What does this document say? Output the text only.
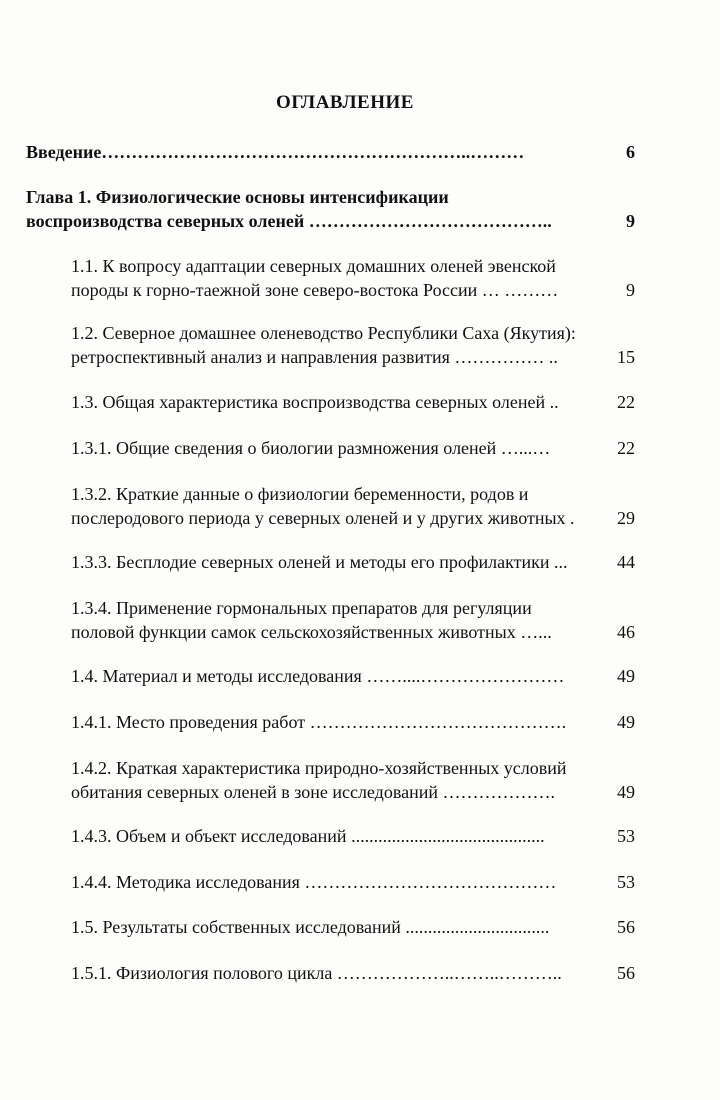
ОГЛАВЛЕНИЕ
Введение……………………………………………………..………	6
Глава 1. Физиологические основы интенсификации
воспроизводства северных оленей …………………………………..	9
1.1. К вопросу адаптации северных домашних оленей эвенской
породы к горно-таежной зоне северо-востока России … ………	9
1.2. Северное домашнее оленеводство Республики Саха (Якутия):
ретроспективный анализ и направления развития …………… ..	15
1.3. Общая характеристика воспроизводства северных оленей ..	22
1.3.1. Общие сведения о биологии размножения оленей …...…	22
1.3.2. Краткие данные о физиологии беременности, родов и
послеродового периода у северных оленей и у других животных .	29
1.3.3. Бесплодие северных оленей и методы его профилактики ...	44
1.3.4. Применение гормональных препаратов для регуляции
половой функции самок сельскохозяйственных животных …...	46
1.4. Материал и методы исследования ……....……………………	49
1.4.1. Место проведения работ …………………………………….	49
1.4.2. Краткая характеристика природно-хозяйственных условий
обитания северных оленей в зоне исследований ……………….	49
1.4.3. Объем и объект исследований ...........................................	53
1.4.4. Методика исследования ……………………………………	53
1.5. Результаты собственных исследований ................................	56
1.5.1. Физиология полового цикла ………………..……..………..	56
